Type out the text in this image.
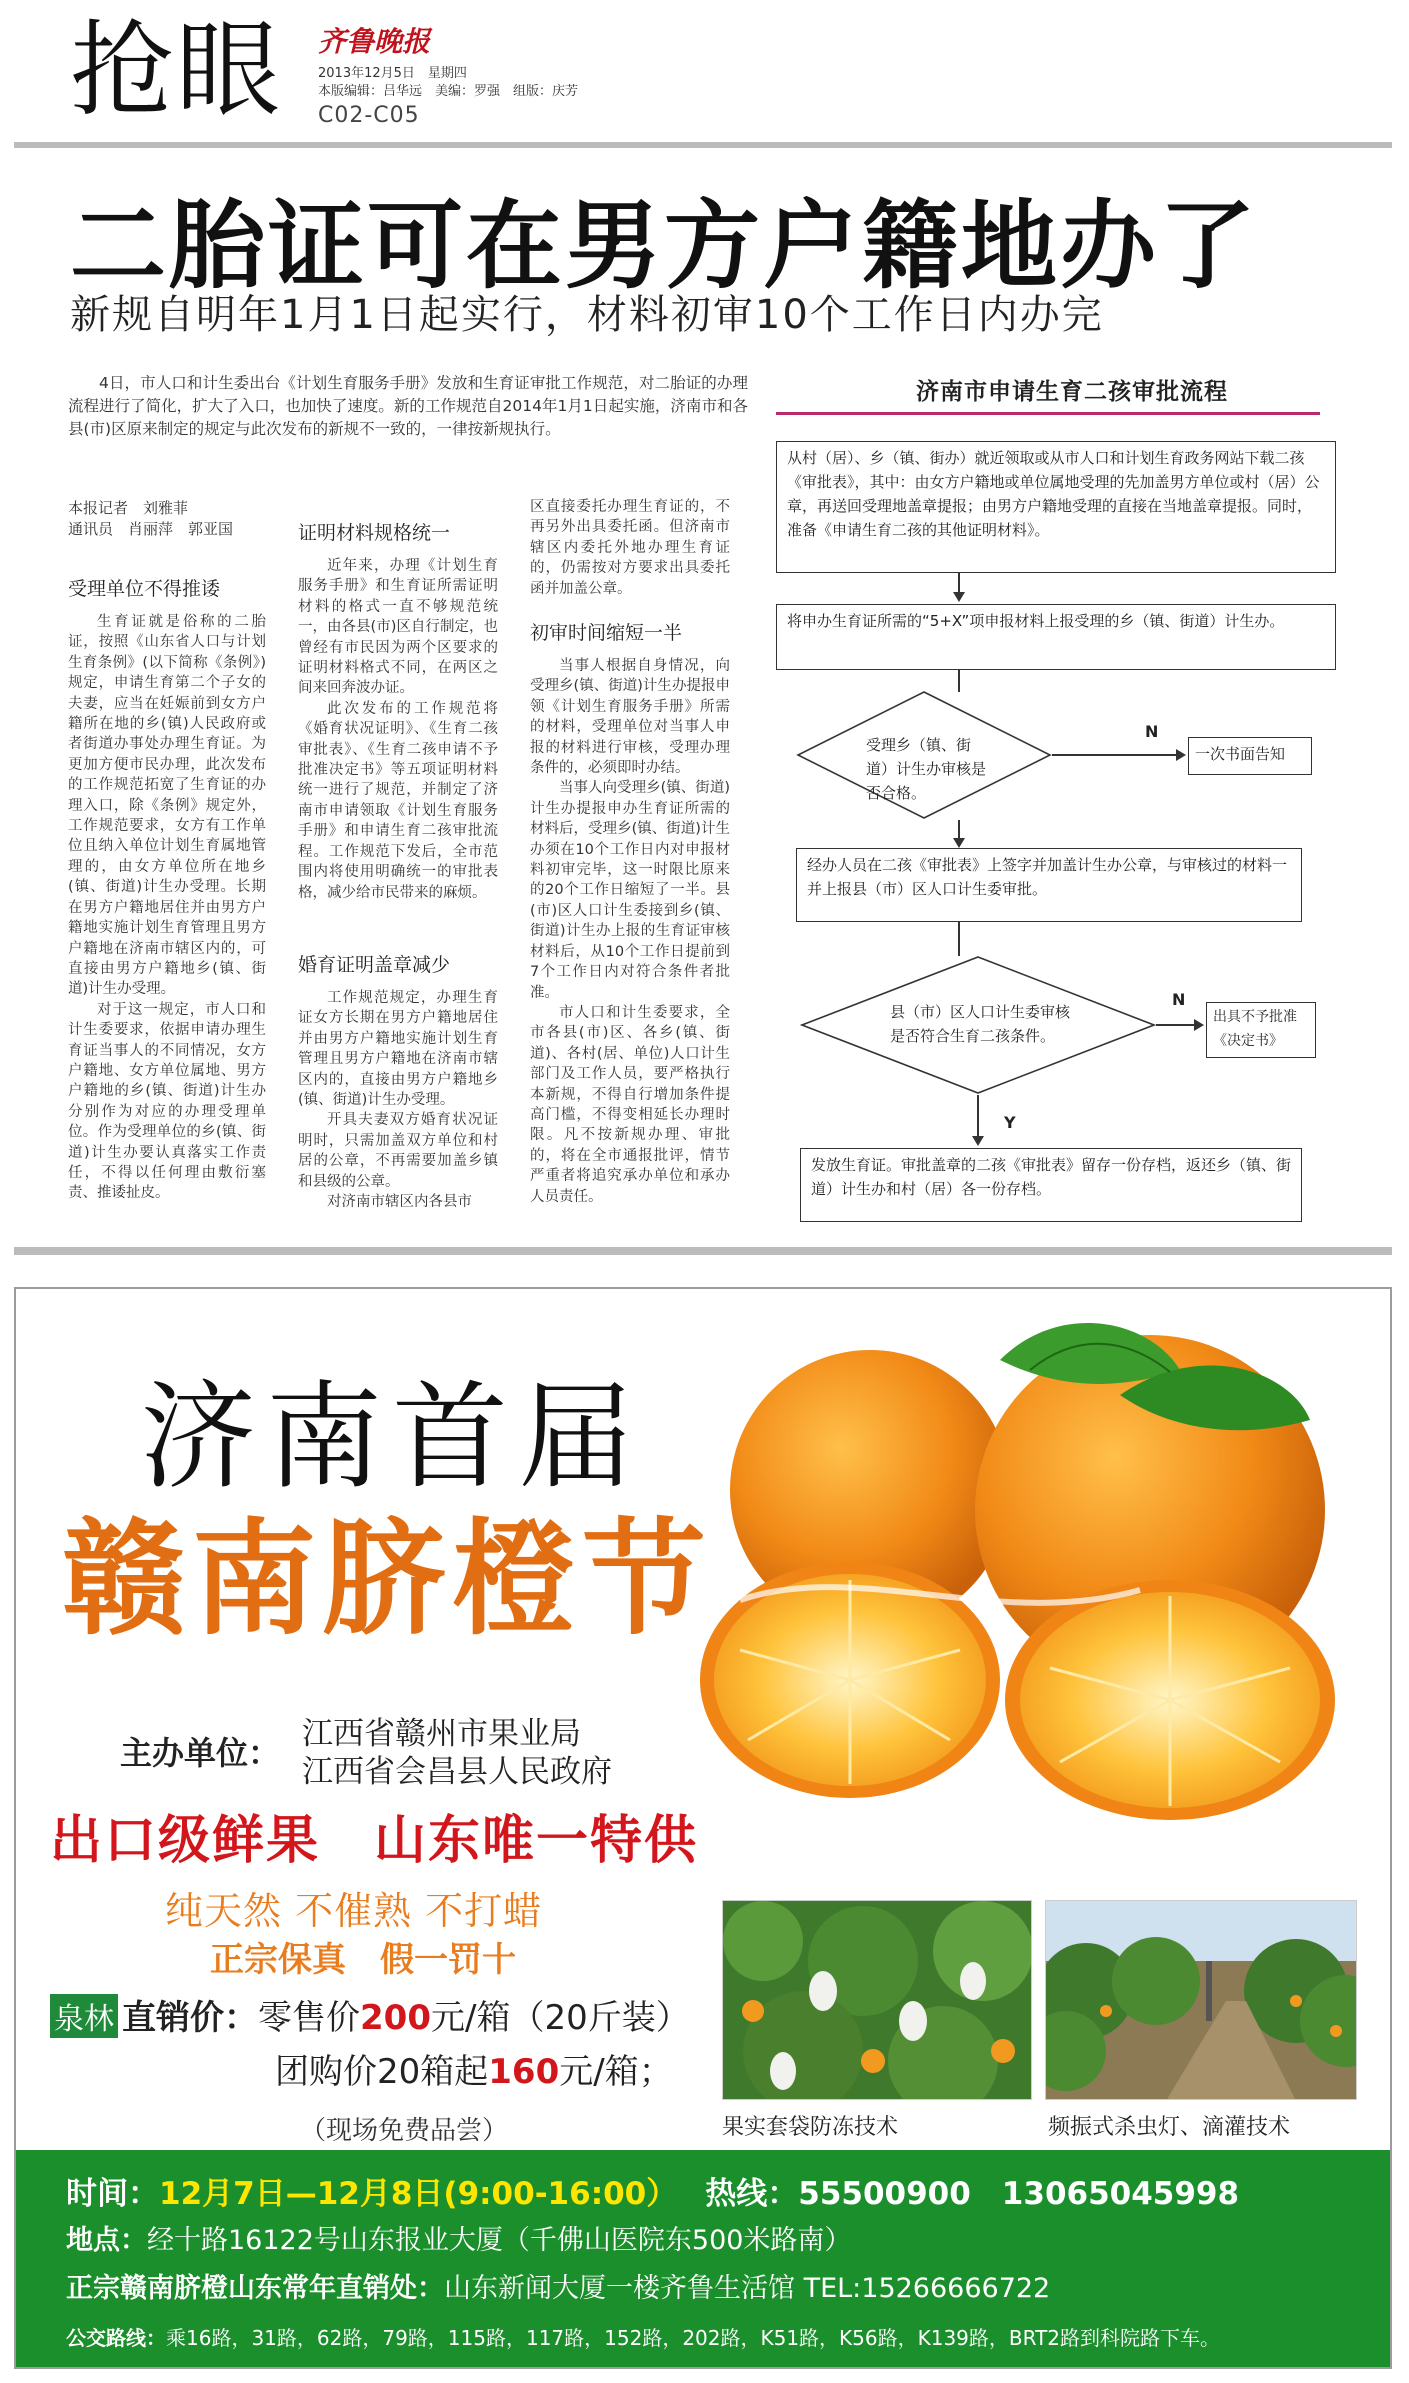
抢眼 齐鲁晚报
2013年12月5日　星期四
本版编辑：吕华远　美编：罗强　组版：庆芳
C02-C05
二胎证可在男方户籍地办了
新规自明年1月1日起实行，材料初审10个工作日内办完
4日，市人口和计生委出台《计划生育服务手册》发放和生育证审批工作规范，对二胎证的办理流程进行了简化，扩大了入口，也加快了速度。新的工作规范自2014年1月1日起实施，济南市和各县(市)区原来制定的规定与此次发布的新规不一致的，一律按新规执行。
本报记者　刘雅菲
通讯员　肖丽萍　郭亚国
受理单位不得推诿

生育证就是俗称的二胎证，按照《山东省人口与计划生育条例》(以下简称《条例》)规定，申请生育第二个子女的夫妻，应当在妊娠前到女方户籍所在地的乡(镇)人民政府或者街道办事处办理生育证。为更加方便市民办理，此次发布的工作规范拓宽了生育证的办理入口，除《条例》规定外，工作规范要求，女方有工作单位且纳入单位计划生育属地管理的，由女方单位所在地乡(镇、街道)计生办受理。长期在男方户籍地居住并由男方户籍地实施计划生育管理且男方户籍地在济南市辖区内的，可直接由男方户籍地乡(镇、街道)计生办受理。

对于这一规定，市人口和计生委要求，依据申请办理生育证当事人的不同情况，女方户籍地、女方单位属地、男方户籍地的乡(镇、街道)计生办分别作为对应的办理受理单位。作为受理单位的乡(镇、街道)计生办要认真落实工作责任，不得以任何理由敷衍塞责、推诿扯皮。

证明材料规格统一

近年来，办理《计划生育服务手册》和生育证所需证明材料的格式一直不够规范统一，由各县(市)区自行制定，也曾经有市民因为两个区要求的证明材料格式不同，在两区之间来回奔波办证。

此次发布的工作规范将《婚育状况证明》、《生育二孩审批表》、《生育二孩申请不予批准决定书》等五项证明材料统一进行了规范，并制定了济南市申请领取《计划生育服务手册》和申请生育二孩审批流程。工作规范下发后，全市范围内将使用明确统一的审批表格，减少给市民带来的麻烦。

婚育证明盖章减少

工作规范规定，办理生育证女方长期在男方户籍地居住并由男方户籍地实施计划生育管理且男方户籍地在济南市辖区内的，直接由男方户籍地乡(镇、街道)计生办受理。

开具夫妻双方婚育状况证明时，只需加盖双方单位和村居的公章，不再需要加盖乡镇和县级的公章。

对济南市辖区内各县市

区直接委托办理生育证的，不再另外出具委托函。但济南市辖区内委托外地办理生育证的，仍需按对方要求出具委托函并加盖公章。

初审时间缩短一半

当事人根据自身情况，向受理乡(镇、街道)计生办提报申领《计划生育服务手册》所需的材料，受理单位对当事人申报的材料进行审核，受理办理条件的，必须即时办结。

当事人向受理乡(镇、街道)计生办提报申办生育证所需的材料后，受理乡(镇、街道)计生办须在10个工作日内对申报材料初审完毕，这一时限比原来的20个工作日缩短了一半。县(市)区人口计生委接到乡(镇、街道)计生办上报的生育证审核材料后，从10个工作日提前到7个工作日内对符合条件者批准。

市人口和计生委要求，全市各县(市)区、各乡(镇、街道)、各村(居、单位)人口计生部门及工作人员，要严格执行本新规，不得自行增加条件提高门槛，不得变相延长办理时限。凡不按新规办理、审批的，将在全市通报批评，情节严重者将追究承办单位和承办人员责任。

济南市申请生育二孩审批流程
从村（居）、乡（镇、街办）就近领取或从市人口和计划生育政务网站下载二孩《审批表》，其中：由女方户籍地或单位属地受理的先加盖男方单位或村（居）公章，再送回受理地盖章提报；由男方户籍地受理的直接在当地盖章提报。同时，准备《申请生育二孩的其他证明材料》。
将申办生育证所需的“5+X”项申报材料上报受理的乡（镇、街道）计生办。
受理乡（镇、街道）计生办审核是否合格。
N
一次书面告知
经办人员在二孩《审批表》上签字并加盖计生办公章，与审核过的材料一并上报县（市）区人口计生委审批。
县（市）区人口计生委审核是否符合生育二孩条件。
N
出具不予批准《决定书》
Y
发放生育证。审批盖章的二孩《审批表》留存一份存档，返还乡（镇、街道）计生办和村（居）各一份存档。
济南首届
赣南脐橙节
主办单位： 江西省赣州市果业局
江西省会昌县人民政府
出口级鲜果　山东唯一特供
纯天然 不催熟 不打蜡
正宗保真　假一罚十
泉林 直销价：零售价200元/箱（20斤装）
团购价20箱起160元/箱；
（现场免费品尝）	果实套袋防冻技术	频振式杀虫灯、滴灌技术
时间：12月7日—12月8日(9:00-16:00） 热线：55500900　13065045998
地点：经十路16122号山东报业大厦（千佛山医院东500米路南）
正宗赣南脐橙山东常年直销处：山东新闻大厦一楼齐鲁生活馆 TEL:15266666722
公交路线：乘16路，31路，62路，79路，115路，117路，152路，202路，K51路，K56路，K139路，BRT2路到科院路下车。
